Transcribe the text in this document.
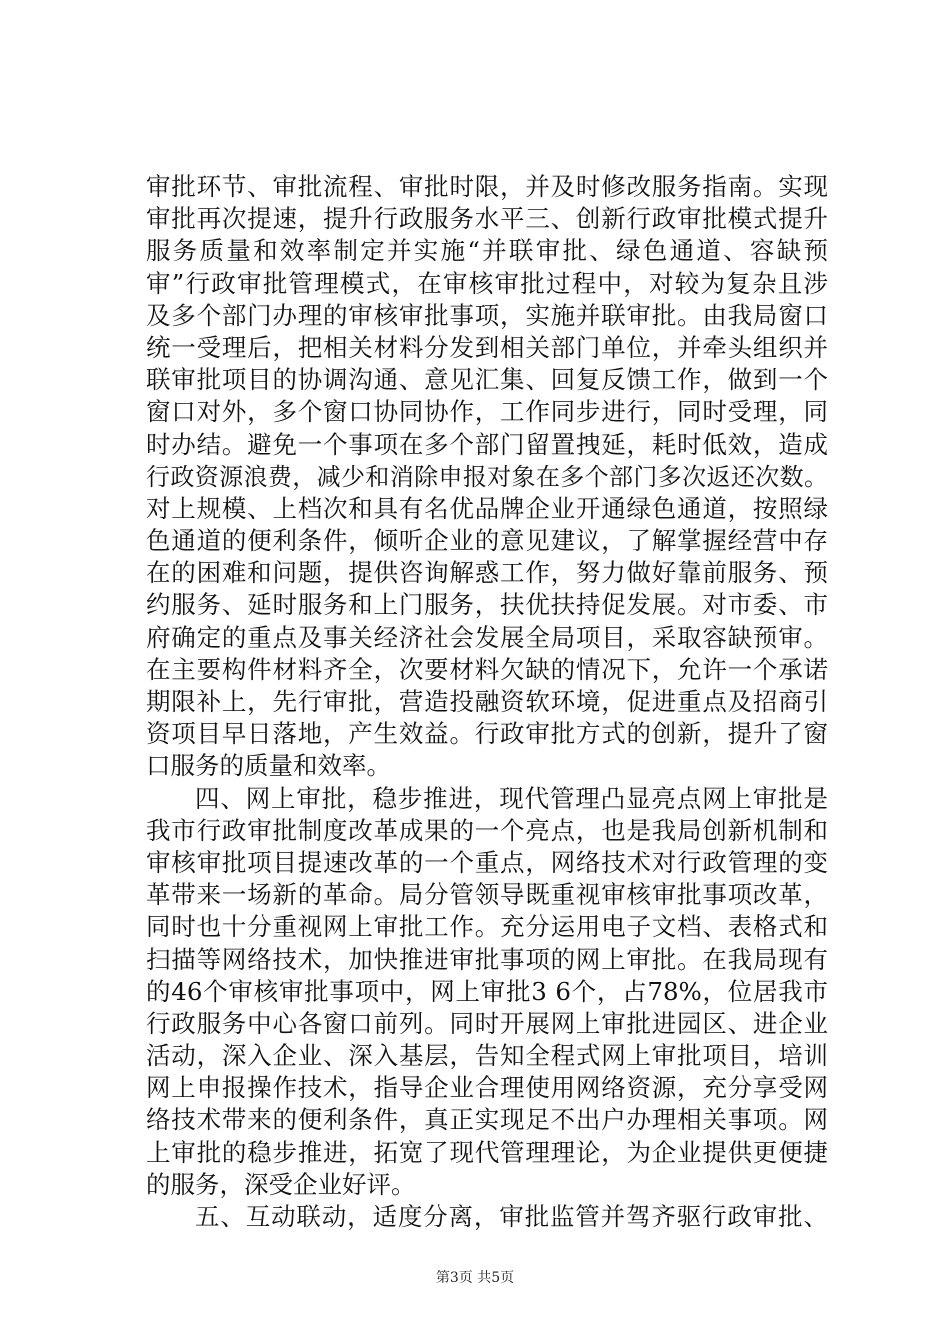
审批环节、审批流程、审批时限，并及时修改服务指南。实现
审批再次提速，提升行政服务水平三、创新行政审批模式提升
服务质量和效率制定并实施“并联审批、绿色通道、容缺预
审”行政审批管理模式，在审核审批过程中，对较为复杂且涉
及多个部门办理的审核审批事项，实施并联审批。由我局窗口
统一受理后，把相关材料分发到相关部门单位，并牵头组织并
联审批项目的协调沟通、意见汇集、回复反馈工作，做到一个
窗口对外，多个窗口协同协作，工作同步进行，同时受理，同
时办结。避免一个事项在多个部门留置拽延，耗时低效，造成
行政资源浪费，减少和消除申报对象在多个部门多次返还次数。
对上规模、上档次和具有名优品牌企业开通绿色通道，按照绿
色通道的便利条件，倾听企业的意见建议，了解掌握经营中存
在的困难和问题，提供咨询解惑工作，努力做好靠前服务、预
约服务、延时服务和上门服务，扶优扶持促发展。对市委、市
府确定的重点及事关经济社会发展全局项目，采取容缺预审。
在主要构件材料齐全，次要材料欠缺的情况下，允许一个承诺
期限补上，先行审批，营造投融资软环境，促进重点及招商引
资项目早日落地，产生效益。行政审批方式的创新，提升了窗
口服务的质量和效率。
四、网上审批，稳步推进，现代管理凸显亮点网上审批是
我市行政审批制度改革成果的一个亮点，也是我局创新机制和
审核审批项目提速改革的一个重点，网络技术对行政管理的变
革带来一场新的革命。局分管领导既重视审核审批事项改革，
同时也十分重视网上审批工作。充分运用电子文档、表格式和
扫描等网络技术，加快推进审批事项的网上审批。在我局现有
的46个审核审批事项中，网上审批3 6个，占78%，位居我市
行政服务中心各窗口前列。同时开展网上审批进园区、进企业
活动，深入企业、深入基层，告知全程式网上审批项目，培训
网上申报操作技术，指导企业合理使用网络资源，充分享受网
络技术带来的便利条件，真正实现足不出户办理相关事项。网
上审批的稳步推进，拓宽了现代管理理论，为企业提供更便捷
的服务，深受企业好评。
五、互动联动，适度分离，审批监管并驾齐驱行政审批、
第3页 共5页
